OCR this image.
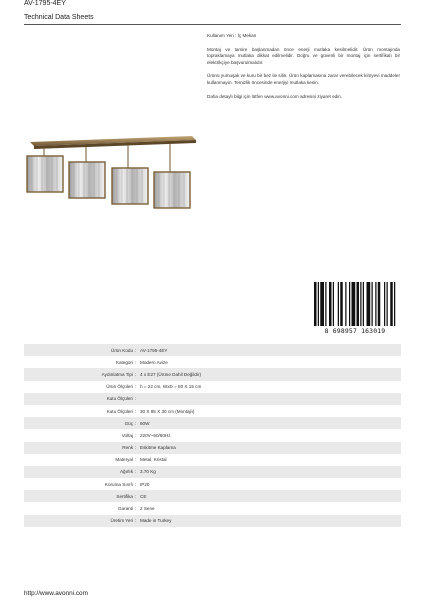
AV-1795-4EY
Technical Data Sheets

Kullanım Yeri : İç Mekan

Montaj ve tamire başlanmadan önce enerji mutlaka kesilmelidir. Ürün montajında topraklamaya mutlaka dikkat edilmelidir. Doğru ve güvenli bir montaj için sertifikalı bir elektrikçiye başvurulmalıdır.

Ürünü yumuşak ve kuru bir bez ile silin. Ürün kaplamasına zarar verebilecek kimyevi maddeler kullanmayın. Temizlik öncesinde enerjiyi mutlaka kesin.

Daha detaylı bilgi için lütfen www.avonni.com adresini ziyaret edin.

8 698957 163019
Ürün Kodu : AV-1795-4EY
Kategori : Modern Avize
Aydınlatma Tipi : 4 x E27 (Ürüne Dahil Değildir)
Ürün Ölçüleri : h = 22 cm, WxD = 80 X 15 cm
Kutu Ölçüleri :
Kutu Ölçüleri : 30 X 85 X 30 cm (Montajlı)
Güç : 60W
Voltaj : 220V~50/60Hz
Renk : Eskitme Kaplama
Materyal : Metal, Kristal
Ağırlık : 3.70 Kg
Koruma Sınıfı : IP20
Sertifika : CE
Garanti : 2 Sene
Üretim Yeri : Made in Turkey
http://www.avonni.com
